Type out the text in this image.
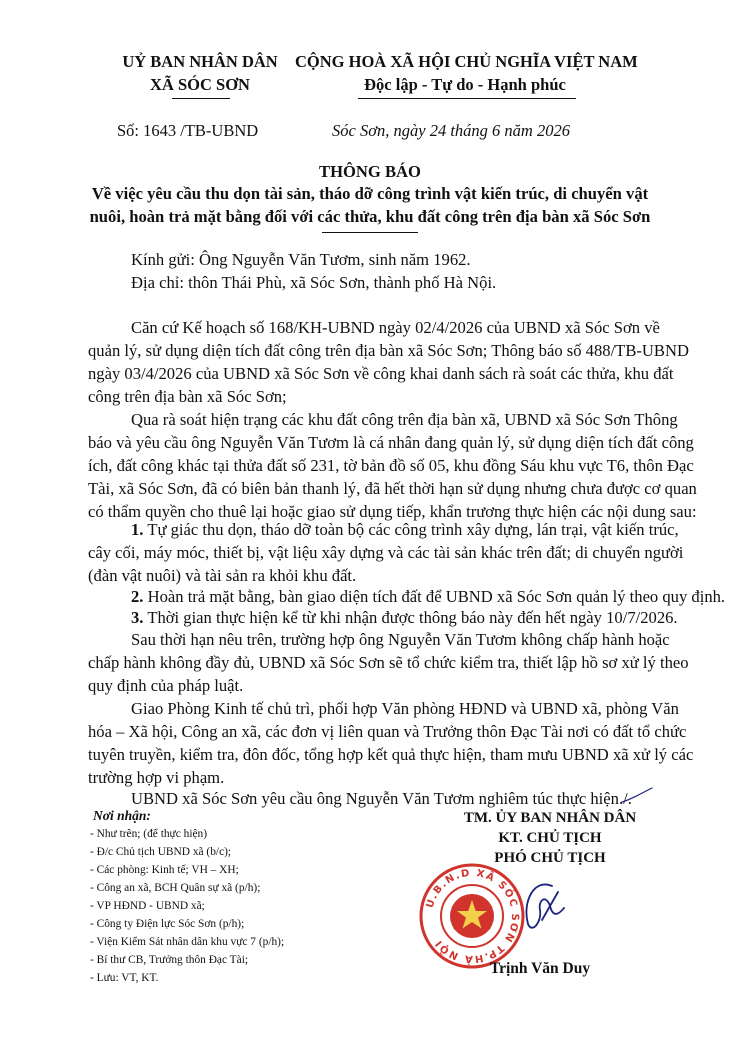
UỶ BAN NHÂN DÂN
XÃ SÓC SƠN
CỘNG HOÀ XÃ HỘI CHỦ NGHĨA VIỆT NAM
Độc lập - Tự do - Hạnh phúc
Số: 1643 /TB-UBND	Sóc Sơn, ngày 24 tháng 6 năm 2026
THÔNG BÁO
Về việc yêu cầu thu dọn tài sản, tháo dỡ công trình vật kiến trúc, di chuyển vật
nuôi, hoàn trả mặt bằng đối với các thửa, khu đất công trên địa bàn xã Sóc Sơn
Kính gửi: Ông Nguyễn Văn Tươm, sinh năm 1962.
Địa chỉ: thôn Thái Phù, xã Sóc Sơn, thành phố Hà Nội.
Căn cứ Kế hoạch số 168/KH-UBND ngày 02/4/2026 của UBND xã Sóc Sơn về
quản lý, sử dụng diện tích đất công trên địa bàn xã Sóc Sơn; Thông báo số 488/TB-UBND
ngày 03/4/2026 của UBND xã Sóc Sơn về công khai danh sách rà soát các thửa, khu đất
công trên địa bàn xã Sóc Sơn;
Qua rà soát hiện trạng các khu đất công trên địa bàn xã, UBND xã Sóc Sơn Thông
báo và yêu cầu ông Nguyễn Văn Tươm là cá nhân đang quản lý, sử dụng diện tích đất công
ích, đất công khác tại thửa đất số 231, tờ bản đồ số 05, khu đồng Sáu khu vực T6, thôn Đạc
Tài, xã Sóc Sơn, đã có biên bản thanh lý, đã hết thời hạn sử dụng nhưng chưa được cơ quan
có thẩm quyền cho thuê lại hoặc giao sử dụng tiếp, khẩn trương thực hiện các nội dung sau:
1. Tự giác thu dọn, tháo dỡ toàn bộ các công trình xây dựng, lán trại, vật kiến trúc,
cây cối, máy móc, thiết bị, vật liệu xây dựng và các tài sản khác trên đất; di chuyển người
(đàn vật nuôi) và tài sản ra khỏi khu đất.
2. Hoàn trả mặt bằng, bàn giao diện tích đất để UBND xã Sóc Sơn quản lý theo quy định.
3. Thời gian thực hiện kể từ khi nhận được thông báo này đến hết ngày 10/7/2026.
Sau thời hạn nêu trên, trường hợp ông Nguyễn Văn Tươm không chấp hành hoặc
chấp hành không đầy đủ, UBND xã Sóc Sơn sẽ tổ chức kiểm tra, thiết lập hồ sơ xử lý theo
quy định của pháp luật.
Giao Phòng Kinh tế chủ trì, phối hợp Văn phòng HĐND và UBND xã, phòng Văn
hóa – Xã hội, Công an xã, các đơn vị liên quan và Trưởng thôn Đạc Tài nơi có đất tổ chức
tuyên truyền, kiểm tra, đôn đốc, tổng hợp kết quả thực hiện, tham mưu UBND xã xử lý các
trường hợp vi phạm.
UBND xã Sóc Sơn yêu cầu ông Nguyễn Văn Tươm nghiêm túc thực hiện./.
Nơi nhận:
- Như trên; (để thực hiện)
- Đ/c Chủ tịch UBND xã (b/c);
- Các phòng: Kinh tế; VH – XH;
- Công an xã, BCH Quân sự xã (p/h);
- VP HĐND - UBND xã;
- Công ty Điện lực Sóc Sơn (p/h);
- Viện Kiểm Sát nhân dân khu vực 7 (p/h);
- Bí thư CB, Trưởng thôn Đạc Tài;
- Lưu: VT, KT.
TM. ỦY BAN NHÂN DÂN
KT. CHỦ TỊCH
PHÓ CHỦ TỊCH
U.B.N.D XÃ SÓC SƠN TP.HÀ NỘI
Trịnh Văn Duy
